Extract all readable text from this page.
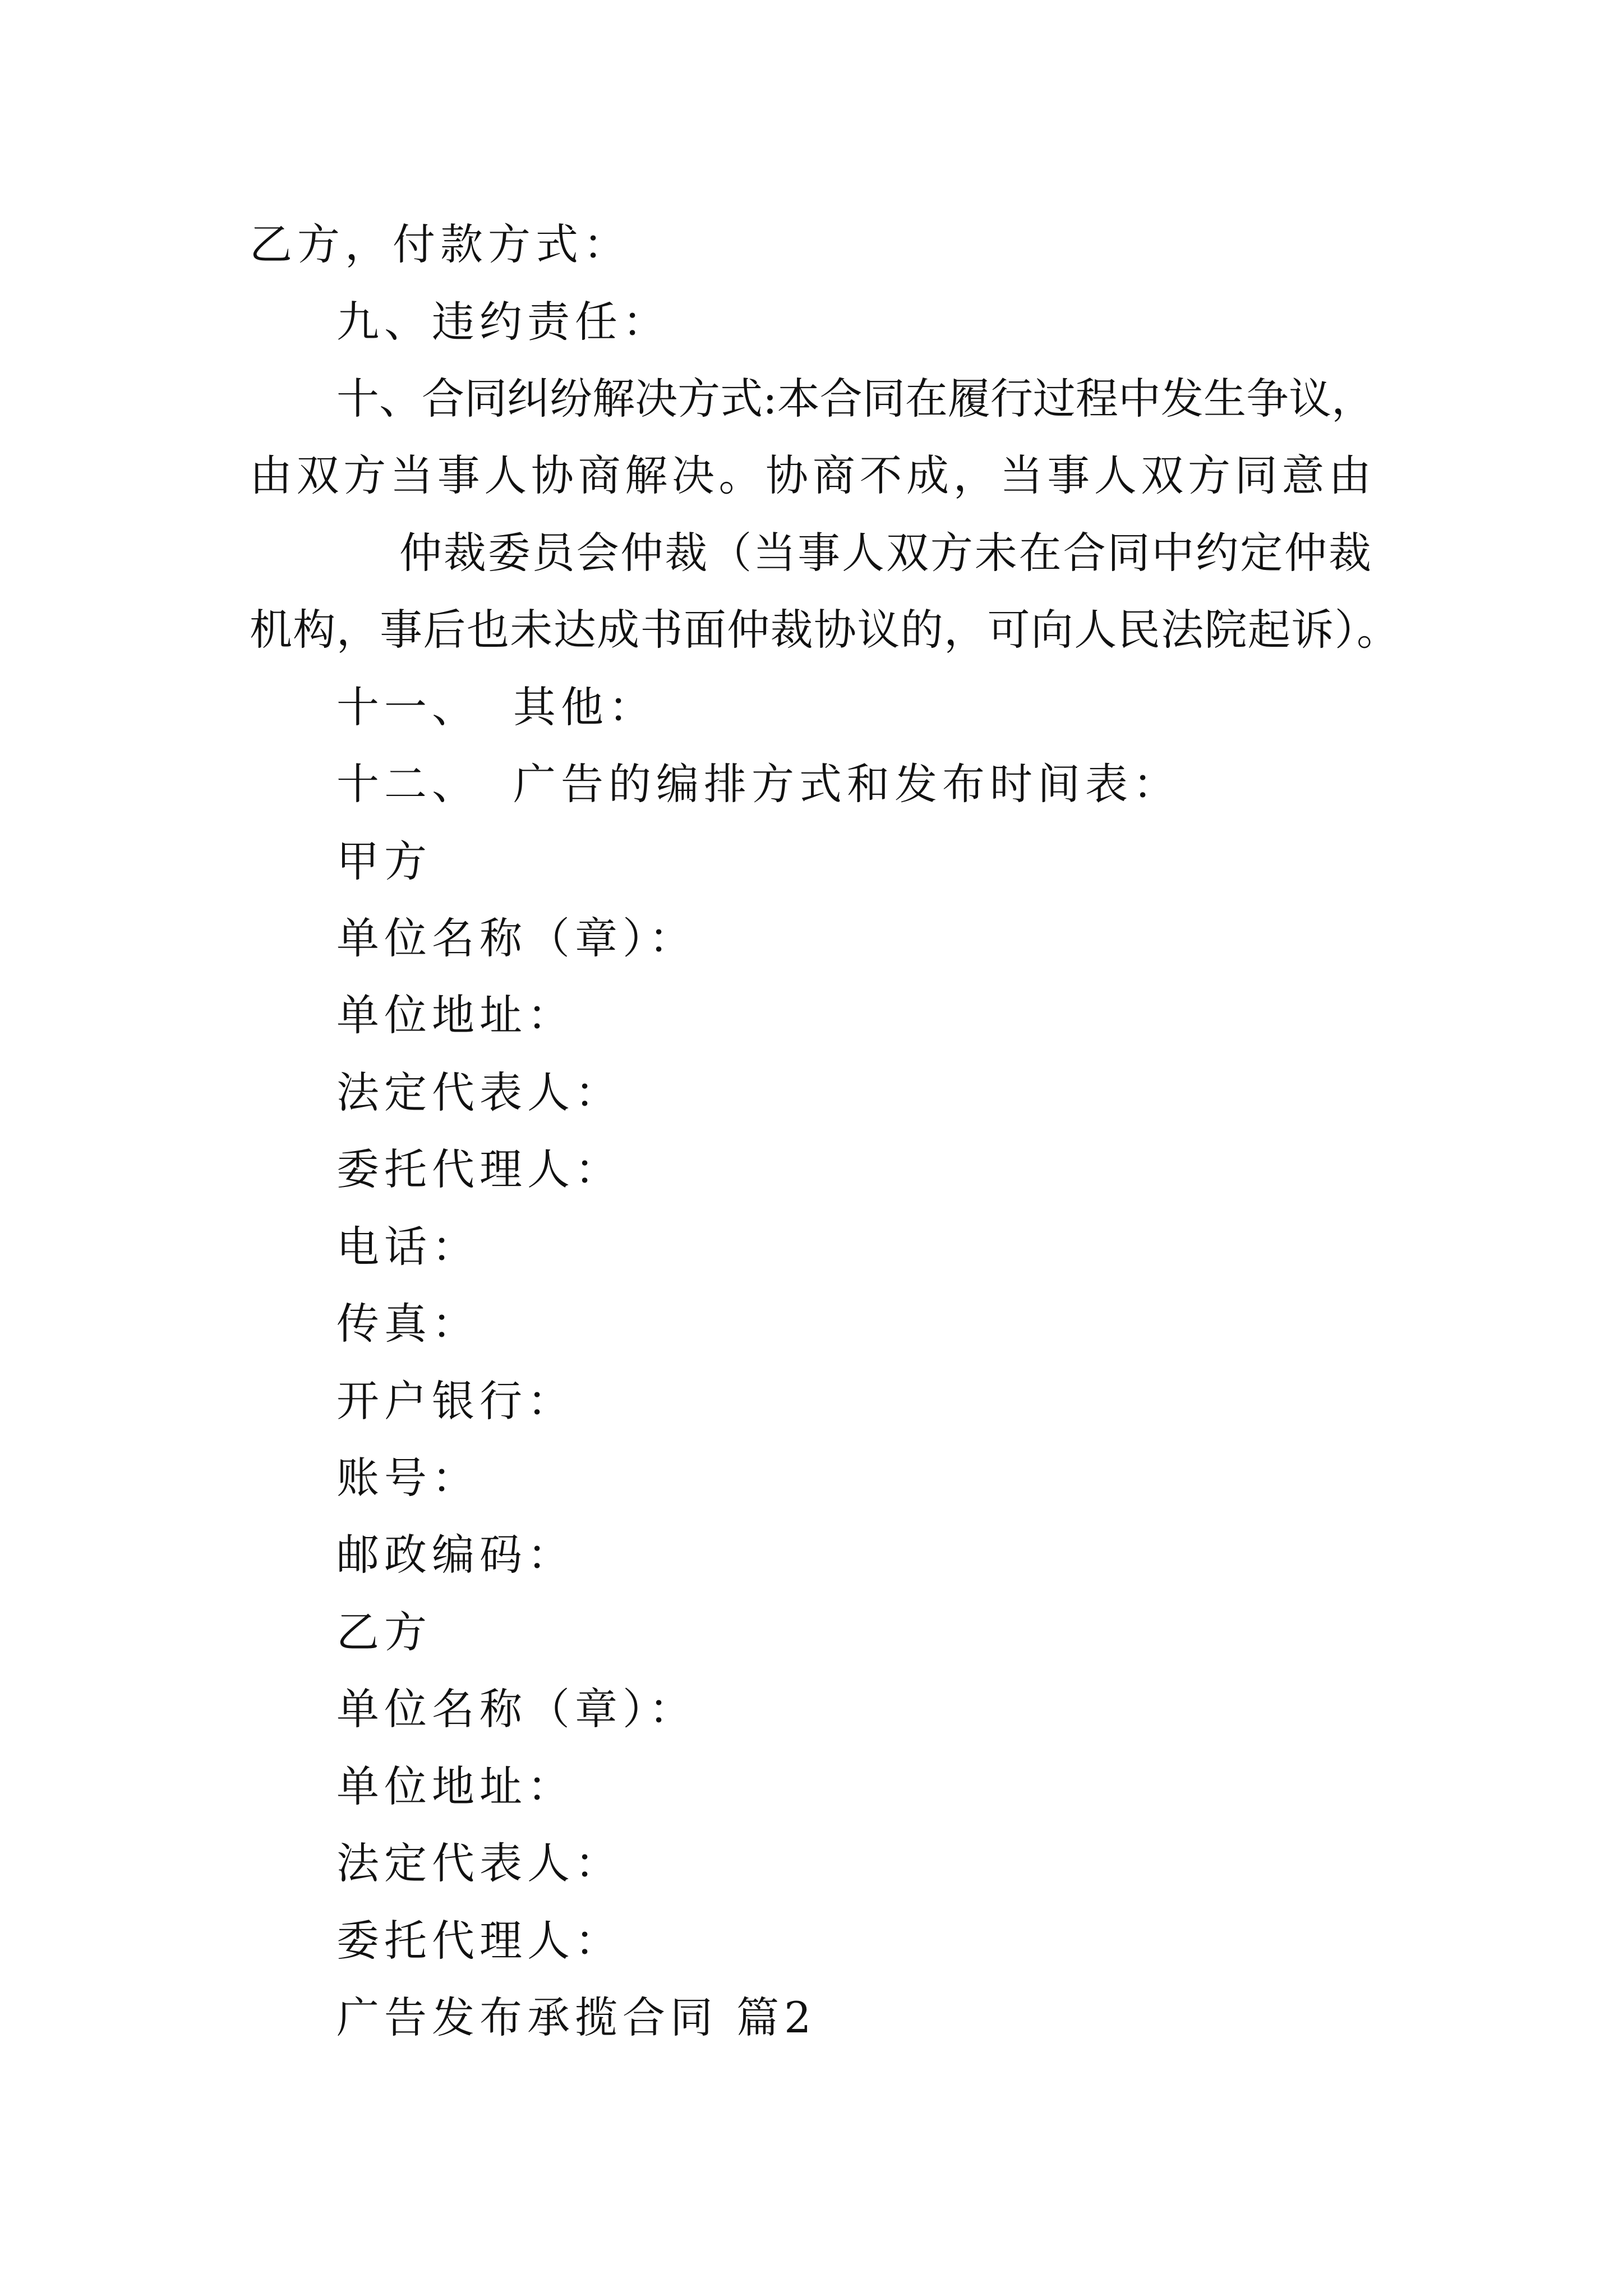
乙方，付款方式：

九、违约责任：

十、合同纠纷解决方式:本合同在履行过程中发生争议，

由双方当事人协商解决。协商不成，当事人双方同意由

仲裁委员会仲裁（当事人双方未在合同中约定仲裁

机构，事后也未达成书面仲裁协议的，可向人民法院起诉）。

十一、 其他：

十二、 广告的编排方式和发布时间表：

甲方

单位名称（章）：

单位地址：

法定代表人：

委托代理人：

电话：

传真：

开户银行：

账号：

邮政编码：

乙方

单位名称（章）：

单位地址：

法定代表人：

委托代理人：

广告发布承揽合同 篇2
